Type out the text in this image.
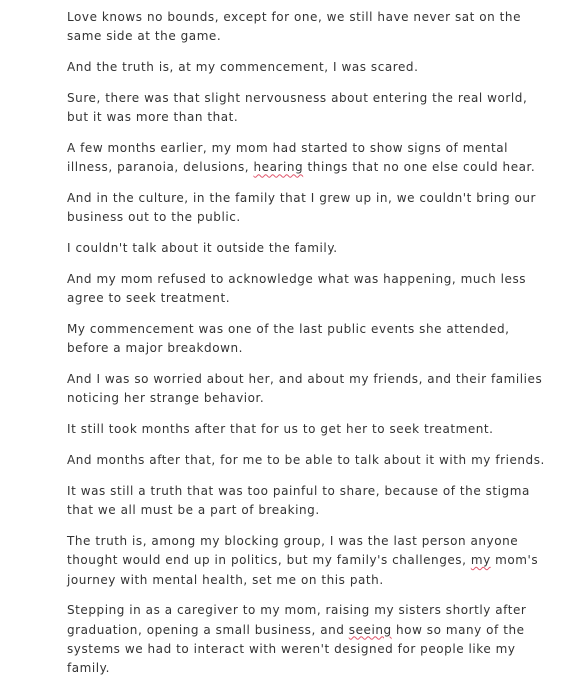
Love knows no bounds, except for one, we still have never sat on the
same side at the game.

And the truth is, at my commencement, I was scared.

Sure, there was that slight nervousness about entering the real world,
but it was more than that.

A few months earlier, my mom had started to show signs of mental
illness, paranoia, delusions, hearing things that no one else could hear.

And in the culture, in the family that I grew up in, we couldn't bring our
business out to the public.

I couldn't talk about it outside the family.

And my mom refused to acknowledge what was happening, much less
agree to seek treatment.

My commencement was one of the last public events she attended,
before a major breakdown.

And I was so worried about her, and about my friends, and their families
noticing her strange behavior.

It still took months after that for us to get her to seek treatment.

And months after that, for me to be able to talk about it with my friends.

It was still a truth that was too painful to share, because of the stigma
that we all must be a part of breaking.

The truth is, among my blocking group, I was the last person anyone
thought would end up in politics, but my family's challenges, my mom's
journey with mental health, set me on this path.

Stepping in as a caregiver to my mom, raising my sisters shortly after
graduation, opening a small business, and seeing how so many of the
systems we had to interact with weren't designed for people like my
family.
